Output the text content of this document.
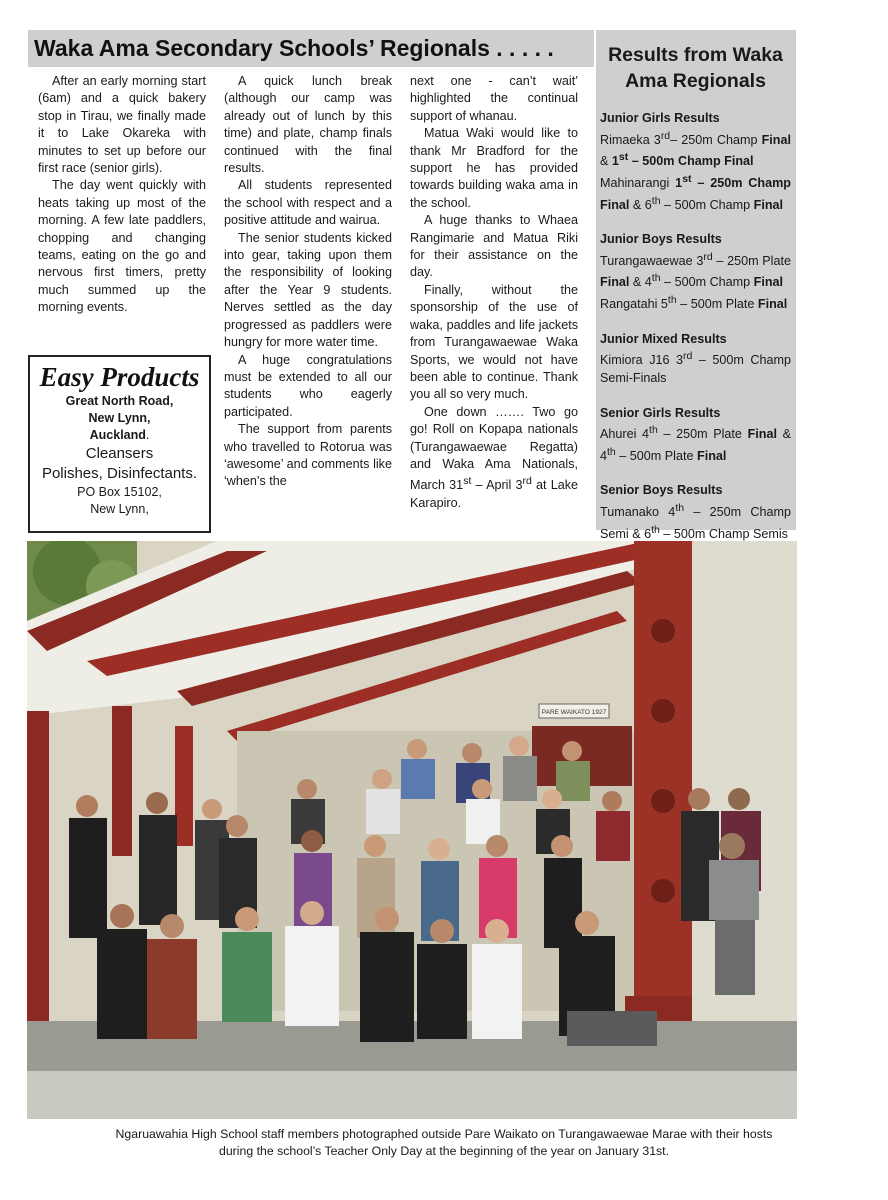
Waka Ama Secondary Schools’ Regionals . . . . .

After an early morning start (6am) and a quick bakery stop in Tirau, we finally made it to Lake Okareka with minutes to set up before our first race (senior girls).

The day went quickly with heats taking up most of the morning. A few late paddlers, chopping and changing teams, eating on the go and nervous first timers, pretty much summed up the morning events.

A quick lunch break (although our camp was already out of lunch by this time) and plate, champ finals continued with the final results.

All students represented the school with respect and a positive attitude and wairua.

The senior students kicked into gear, taking upon them the responsibility of looking after the Year 9 students. Nerves settled as the day progressed as paddlers were hungry for more water time.

A huge congratulations must be extended to all our students who eagerly participated.

The support from parents who travelled to Rotorua was ‘awesome’ and comments like ‘when’s the

next one - can’t wait’ highlighted the continual support of whanau.

Matua Waki would like to thank Mr Bradford for the support he has provided towards building waka ama in the school.

A huge thanks to Whaea Rangimarie and Matua Riki for their assistance on the day.

Finally, without the sponsorship of the use of waka, paddles and life jackets from Turangawaewae Waka Sports, we would not have been able to continue. Thank you all so very much.

One down ……. Two go go! Roll on Kopapa nationals (Turangawaewae Regatta) and Waka Ama Nationals, March 31st – April 3rd at Lake Karapiro.

Easy Products
Great North Road,
New Lynn,
Auckland.
Cleansers
Polishes, Disinfectants.
PO Box 15102,
New Lynn,
Results from Waka Ama Regionals
Junior Girls Results
Rimaeka 3rd– 250m Champ Final & 1st – 500m Champ Final
Mahinarangi 1st – 250m Champ Final & 6th – 500m Champ Final
Junior Boys Results
Turangawaewae 3rd – 250m Plate Final & 4th – 500m Champ Final
Rangatahi 5th – 500m Plate Final
Junior Mixed Results
Kimiora J16 3rd – 500m Champ Semi-Finals
Senior Girls Results
Ahurei 4th – 250m Plate Final & 4th – 500m Plate Final
Senior Boys Results
Tumanako 4th – 250m Champ Semi & 6th – 500m Champ Semis
PARE WAIKATO 1927
Ngaruawahia High School staff members photographed outside Pare Waikato on Turangawaewae Marae with their hosts
during the school’s Teacher Only Day at the beginning of the year on January 31st.
